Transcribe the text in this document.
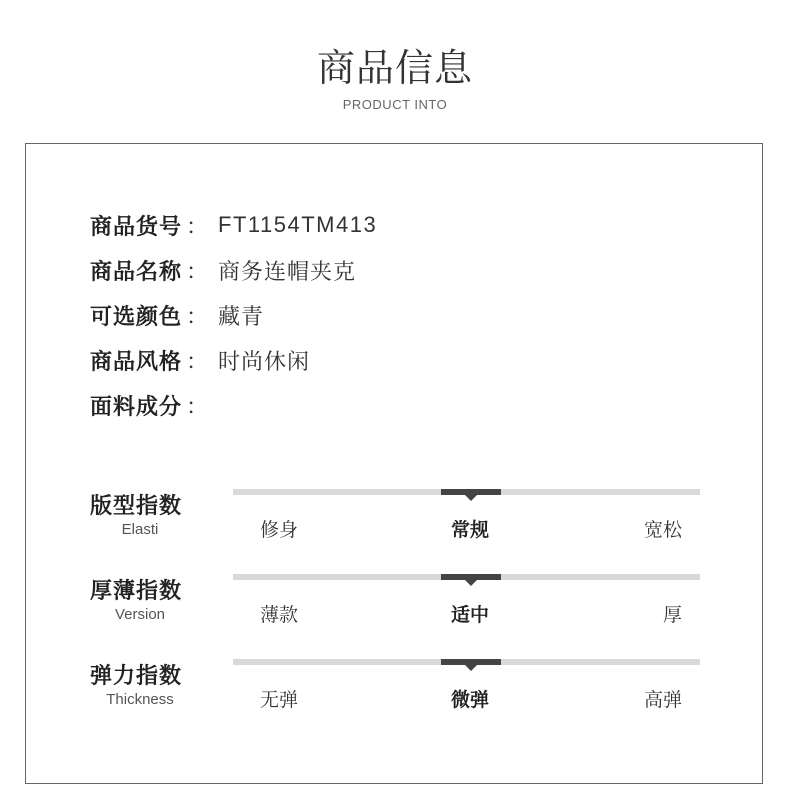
商品信息
PRODUCT INTO
商品货号 ： FT1154TM413
商品名称 ： 商务连帽夹克
可选颜色 ： 藏青
商品风格 ： 时尚休闲
面料成分 ：
版型指数
Elasti	修身	常规	宽松
厚薄指数
Version	薄款	适中	厚
弹力指数
Thickness	无弹	微弹	高弹
